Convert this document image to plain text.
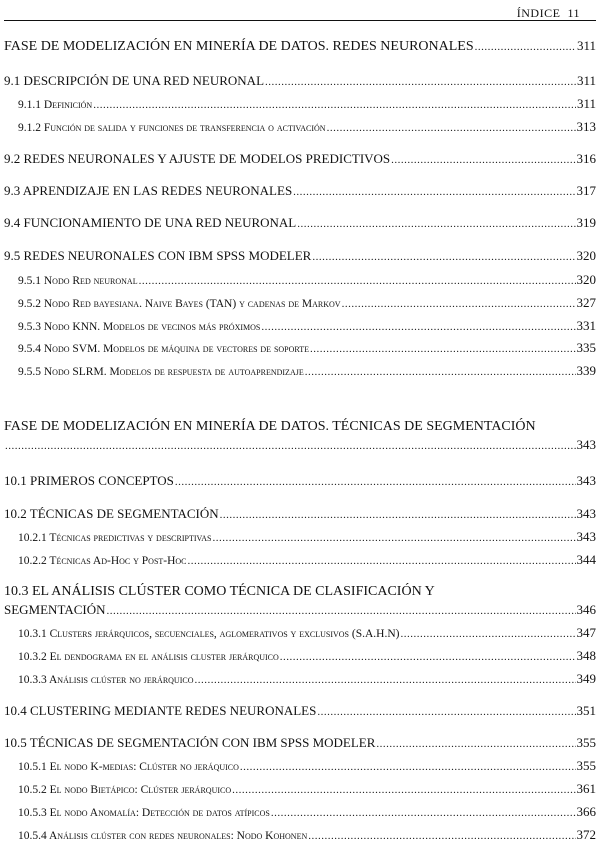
ÍNDICE 11
FASE DE MODELIZACIÓN EN MINERÍA DE DATOS. REDES NEURONALES .....	311
9.1 DESCRIPCIÓN DE UNA RED NEURONAL .....	311
9.1.1 Definición .....	311
9.1.2 Función de salida y funciones de transferencia o activación .....	313
9.2 REDES NEURONALES Y AJUSTE DE MODELOS PREDICTIVOS .....	316
9.3 APRENDIZAJE EN LAS REDES NEURONALES .....	317
9.4 FUNCIONAMIENTO DE UNA RED NEURONAL .....	319
9.5 REDES NEURONALES CON IBM SPSS MODELER .....	320
9.5.1 Nodo Red neuronal .....	320
9.5.2 Nodo Red bayesiana. Naive Bayes (TAN) y cadenas de Markov .....	327
9.5.3 Nodo KNN. Modelos de vecinos más próximos .....	331
9.5.4 Nodo SVM. Modelos de máquina de vectores de soporte .....	335
9.5.5 Nodo SLRM. Modelos de respuesta de autoaprendizaje .....	339
FASE DE MODELIZACIÓN EN MINERÍA DE DATOS. TÉCNICAS DE SEGMENTACIÓN
.....
343
10.1 PRIMEROS CONCEPTOS .....	343
10.2 TÉCNICAS DE SEGMENTACIÓN .....	343
10.2.1 Técnicas predictivas y descriptivas .....	343
10.2.2 Técnicas Ad-Hoc y Post-Hoc .....	344
10.3 EL ANÁLISIS CLÚSTER COMO TÉCNICA DE CLASIFICACIÓN Y
SEGMENTACIÓN .....	346
10.3.1 Clusters jerárquicos, secuenciales, aglomerativos y exclusivos (S.A.H.N) .....	347
10.3.2 El dendograma en el análisis cluster jerárquico .....	348
10.3.3 Análisis clúster no jerárquico .....	349
10.4 CLUSTERING MEDIANTE REDES NEURONALES .....	351
10.5 TÉCNICAS DE SEGMENTACIÓN CON IBM SPSS MODELER .....	355
10.5.1 El nodo K-medias: Clúster no jeráquico .....	355
10.5.2 El nodo Bietápico: Clúster jerárquico .....	361
10.5.3 El nodo Anomalía: Detección de datos atípicos .....	366
10.5.4 Análisis clúster con redes neuronales: Nodo Kohonen .....	372
